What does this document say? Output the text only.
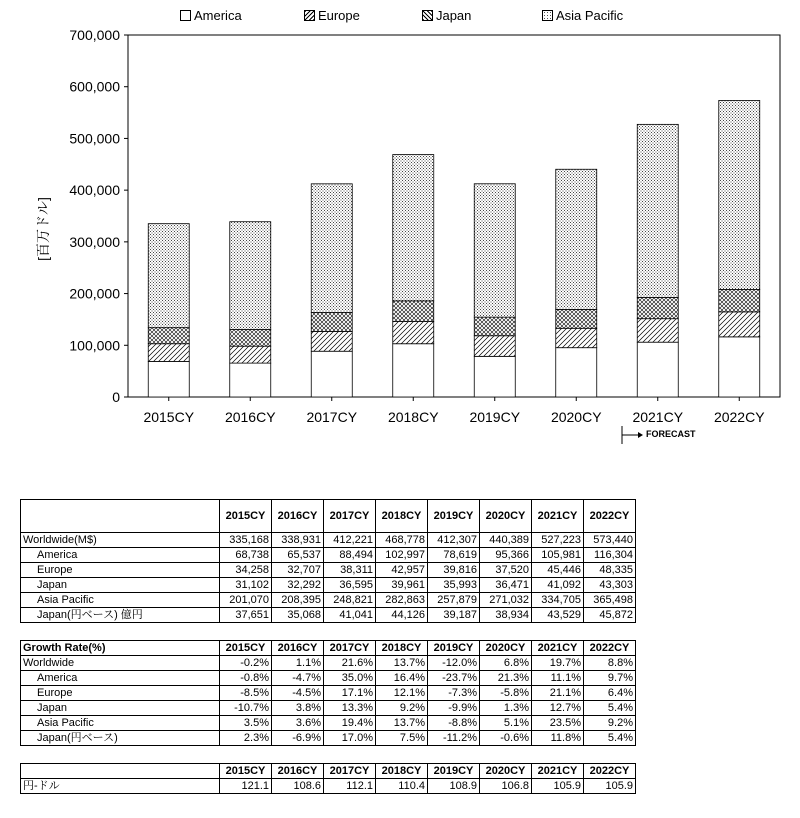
0
100,000
200,000
300,000
400,000
500,000
600,000
700,000
2015CY 2016CY 2017CY 2018CY 2019CY 2020CY 2021CY 2022CY
[百万ドル]
America	Europe	Japan	Asia Pacific
FORECAST
	2015CY	2016CY	2017CY	2018CY	2019CY	2020CY	2021CY	2022CY
Worldwide(M$)	335,168	338,931	412,221	468,778	412,307	440,389	527,223	573,440
America	68,738	65,537	88,494	102,997	78,619	95,366	105,981	116,304
Europe	34,258	32,707	38,311	42,957	39,816	37,520	45,446	48,335
Japan	31,102	32,292	36,595	39,961	35,993	36,471	41,092	43,303
Asia Pacific	201,070	208,395	248,821	282,863	257,879	271,032	334,705	365,498
Japan(円ベース) 億円	37,651	35,068	41,041	44,126	39,187	38,934	43,529	45,872
Growth Rate(%)	2015CY	2016CY	2017CY	2018CY	2019CY	2020CY	2021CY	2022CY
Worldwide	-0.2%	1.1%	21.6%	13.7%	-12.0%	6.8%	19.7%	8.8%
America	-0.8%	-4.7%	35.0%	16.4%	-23.7%	21.3%	11.1%	9.7%
Europe	-8.5%	-4.5%	17.1%	12.1%	-7.3%	-5.8%	21.1%	6.4%
Japan	-10.7%	3.8%	13.3%	9.2%	-9.9%	1.3%	12.7%	5.4%
Asia Pacific	3.5%	3.6%	19.4%	13.7%	-8.8%	5.1%	23.5%	9.2%
Japan(円ベース)	2.3%	-6.9%	17.0%	7.5%	-11.2%	-0.6%	11.8%	5.4%
	2015CY	2016CY	2017CY	2018CY	2019CY	2020CY	2021CY	2022CY
円-ドル	121.1	108.6	112.1	110.4	108.9	106.8	105.9	105.9
